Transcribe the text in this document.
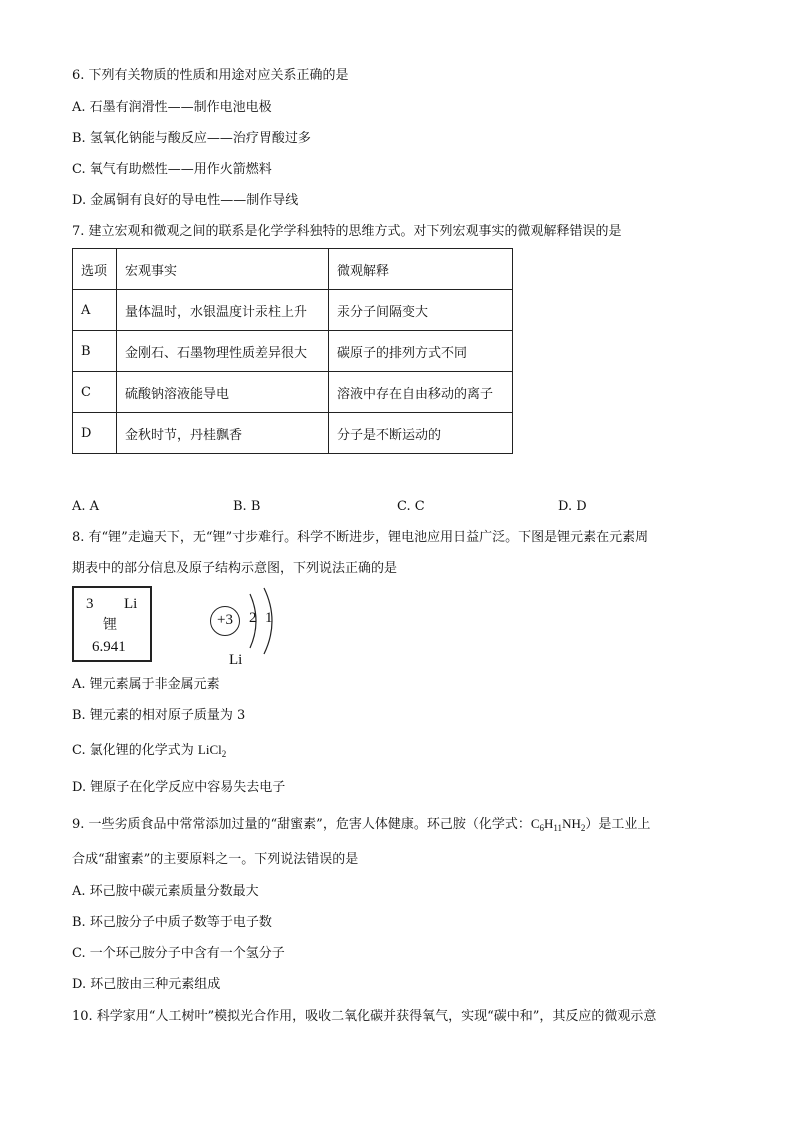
6. 下列有关物质的性质和用途对应关系正确的是
A. 石墨有润滑性——制作电池电极
B. 氢氧化钠能与酸反应——治疗胃酸过多
C. 氧气有助燃性——用作火箭燃料
D. 金属铜有良好的导电性——制作导线
7. 建立宏观和微观之间的联系是化学学科独特的思维方式。对下列宏观事实的微观解释错误的是
选项	宏观事实	微观解释
A	量体温时，水银温度计汞柱上升	汞分子间隔变大
B	金刚石、石墨物理性质差异很大	碳原子的排列方式不同
C	硫酸钠溶液能导电	溶液中存在自由移动的离子
D	金秋时节，丹桂飘香	分子是不断运动的
A. A	B. B	C. C	D. D
8. 有“锂”走遍天下，无“锂”寸步难行。科学不断进步，锂电池应用日益广泛。下图是锂元素在元素周
期表中的部分信息及原子结构示意图，下列说法正确的是
3 Li
锂
6.941
+3	2 1
Li
A. 锂元素属于非金属元素
B. 锂元素的相对原子质量为 3
C. 氯化锂的化学式为 LiCl$_2$
D. 锂原子在化学反应中容易失去电子
9. 一些劣质食品中常常添加过量的“甜蜜素”，危害人体健康。环己胺（化学式：$C_6H_{11}NH_2$）是工业上
合成“甜蜜素”的主要原料之一。下列说法错误的是
A. 环己胺中碳元素质量分数最大
B. 环己胺分子中质子数等于电子数
C. 一个环己胺分子中含有一个氢分子
D. 环己胺由三种元素组成
10. 科学家用“人工树叶”模拟光合作用，吸收二氧化碳并获得氧气，实现“碳中和”，其反应的微观示意
